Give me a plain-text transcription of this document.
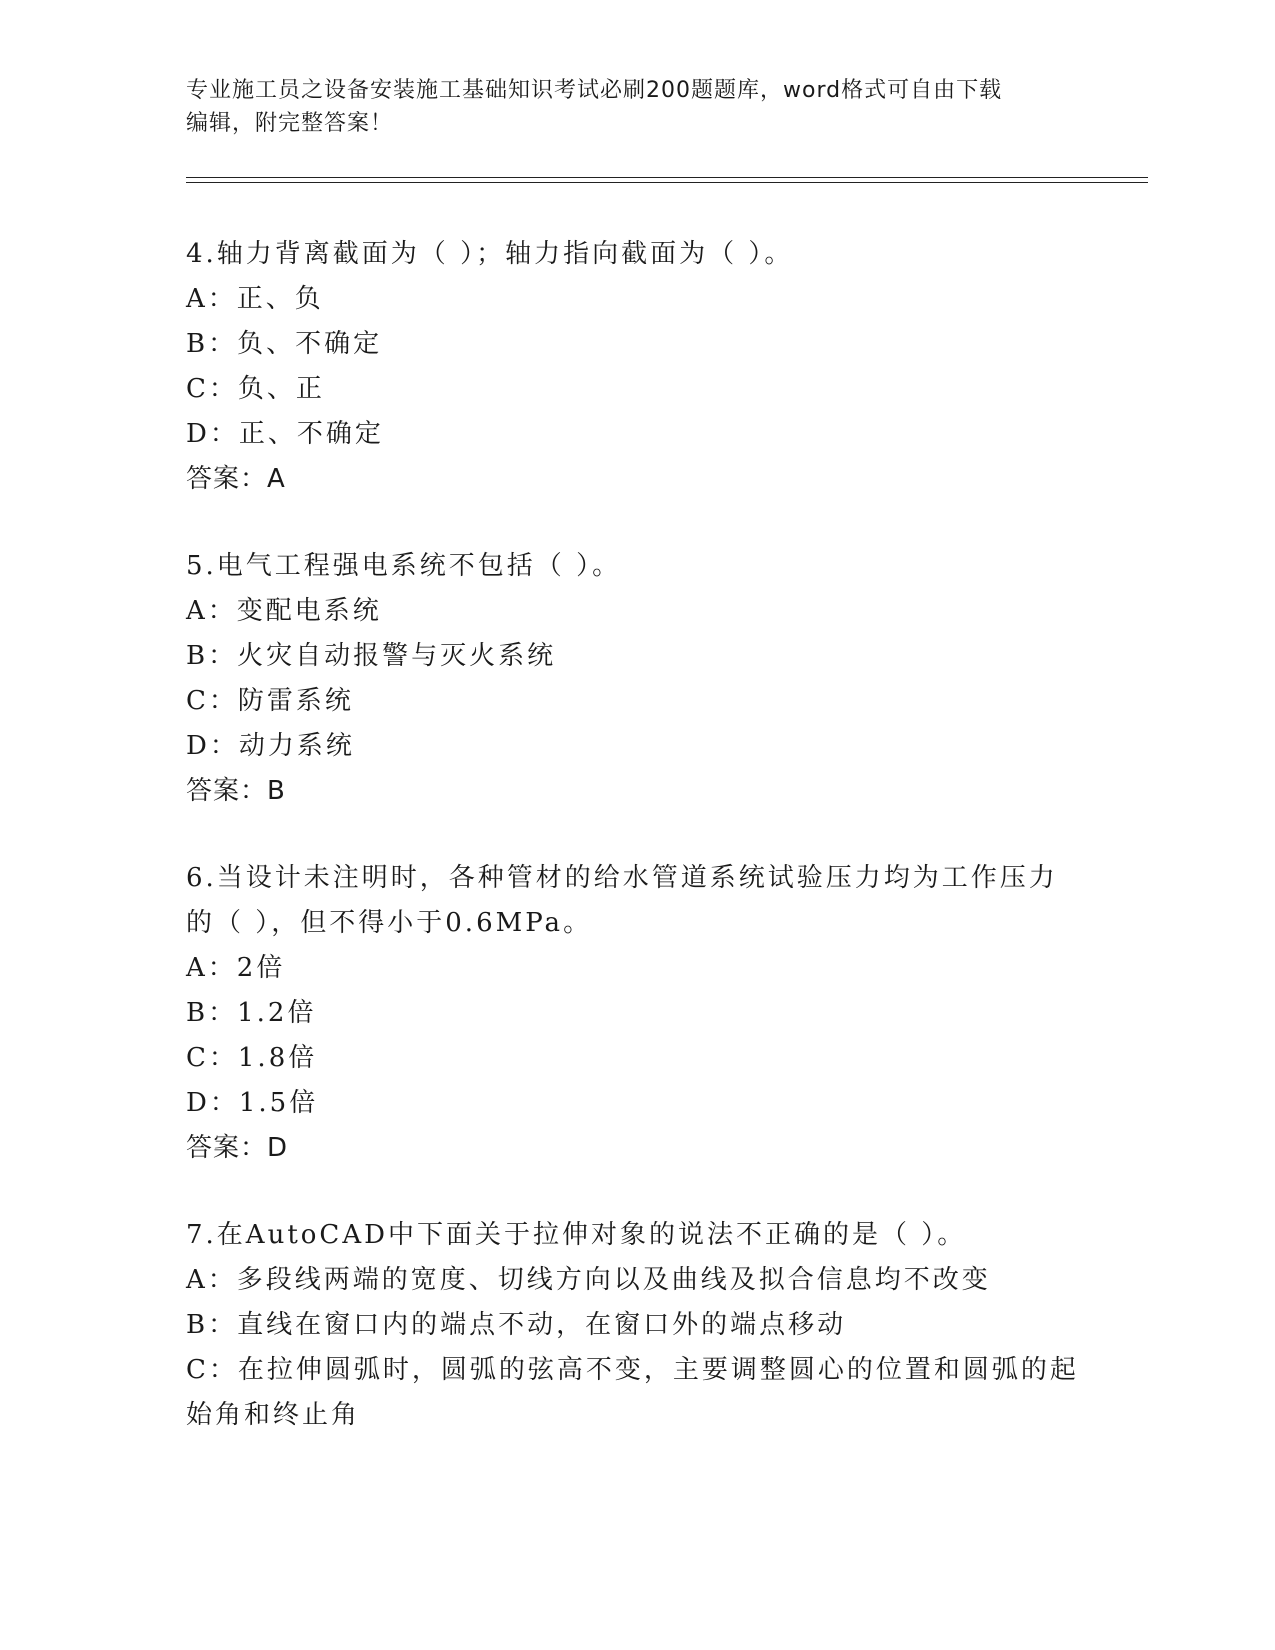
专业施工员之设备安装施工基础知识考试必刷200题题库，word格式可自由下载
编辑，附完整答案！
4.轴力背离截面为（ ）；轴力指向截面为（ ）。
A：正、负
B：负、不确定
C：负、正
D：正、不确定
答案：A
5.电气工程强电系统不包括（ ）。
A：变配电系统
B：火灾自动报警与灭火系统
C：防雷系统
D：动力系统
答案：B
6.当设计未注明时，各种管材的给水管道系统试验压力均为工作压力的（ ），但不得小于0.6MPa。
A：2倍
B：1.2倍
C：1.8倍
D：1.5倍
答案：D
7.在AutoCAD中下面关于拉伸对象的说法不正确的是（ ）。
A：多段线两端的宽度、切线方向以及曲线及拟合信息均不改变
B：直线在窗口内的端点不动，在窗口外的端点移动
C：在拉伸圆弧时，圆弧的弦高不变，主要调整圆心的位置和圆弧的起始角和终止角
